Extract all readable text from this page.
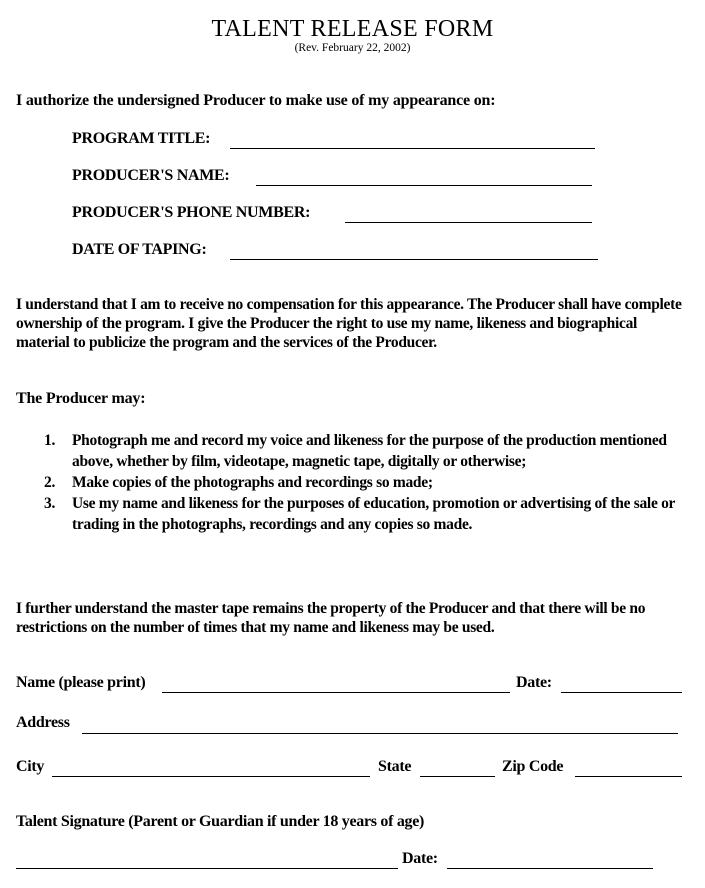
TALENT RELEASE FORM
(Rev. February 22, 2002)
I authorize the undersigned Producer to make use of my appearance on:
PROGRAM TITLE:
PRODUCER'S NAME:
PRODUCER'S PHONE NUMBER:
DATE OF TAPING:

I understand that I am to receive no compensation for this appearance. The Producer shall have complete ownership of the program. I give the Producer the right to use my name, likeness and biographical material to publicize the program and the services of the Producer.

The Producer may:
1. Photograph me and record my voice and likeness for the purpose of the production mentioned above, whether by film, videotape, magnetic tape, digitally or otherwise;
2. Make copies of the photographs and recordings so made;
3. Use my name and likeness for the purposes of education, promotion or advertising of the sale or trading in the photographs, recordings and any copies so made.

I further understand the master tape remains the property of the Producer and that there will be no restrictions on the number of times that my name and likeness may be used.

Name (please print)	Date:
Address
City	State	Zip Code
Talent Signature (Parent or Guardian if under 18 years of age)
Date:
